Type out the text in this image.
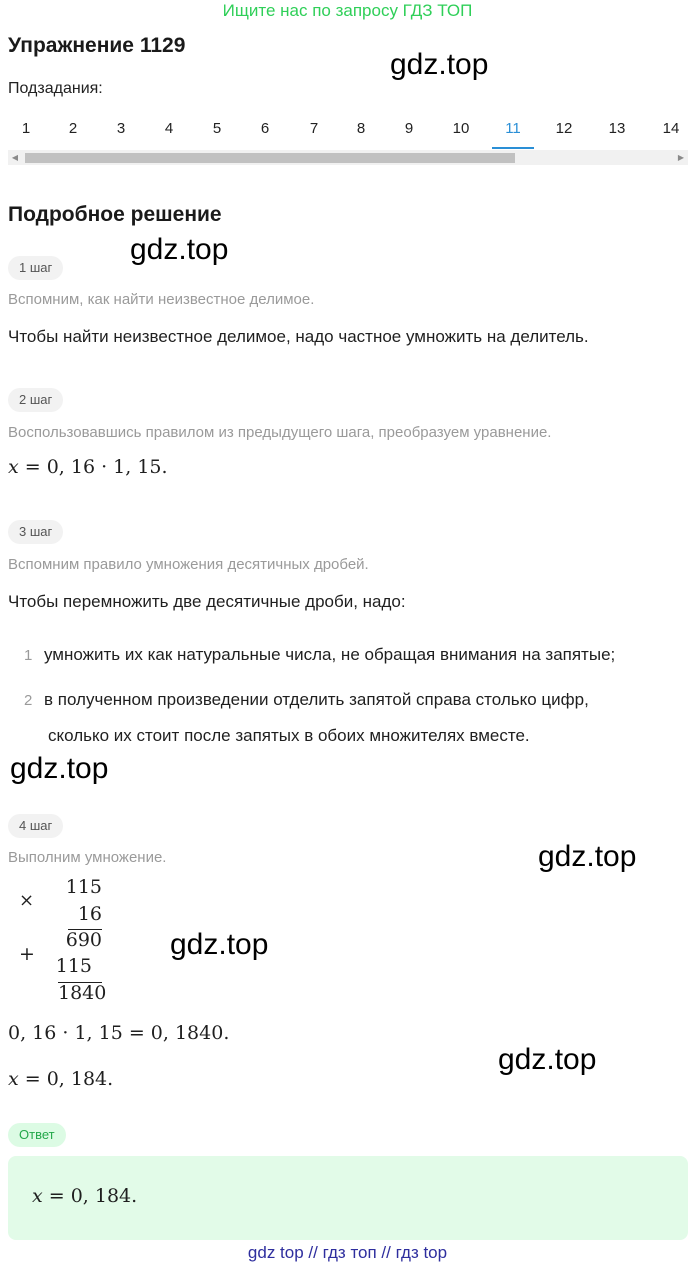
Ищите нас по запросу ГДЗ ТОП
Упражнение 1129
gdz.top
Подзадания:
1	2	3	4	5	6	7	8	9	10	11	12	13	14
◀	▶
Подробное решение
gdz.top
1 шаг
Вспомним, как найти неизвестное делимое.
Чтобы найти неизвестное делимое, надо частное умножить на делитель.
2 шаг
Воспользовавшись правилом из предыдущего шага, преобразуем уравнение.
x = 0, 16 · 1, 15.
3 шаг
Вспомним правило умножения десятичных дробей.
Чтобы перемножить две десятичные дроби, надо:
1 умножить их как натуральные числа, не обращая внимания на запятые;
2 в полученном произведении отделить запятой справа столько цифр,
сколько их стоит после запятых в обоих множителях вместе.
gdz.top
4 шаг
Выполним умножение.	gdz.top
×
115
16
690
+
115
1840
gdz.top
0, 16 · 1, 15 = 0, 1840.
x = 0, 184.
gdz.top
Ответ
x = 0, 184.
gdz top // гдз топ // гдз top
